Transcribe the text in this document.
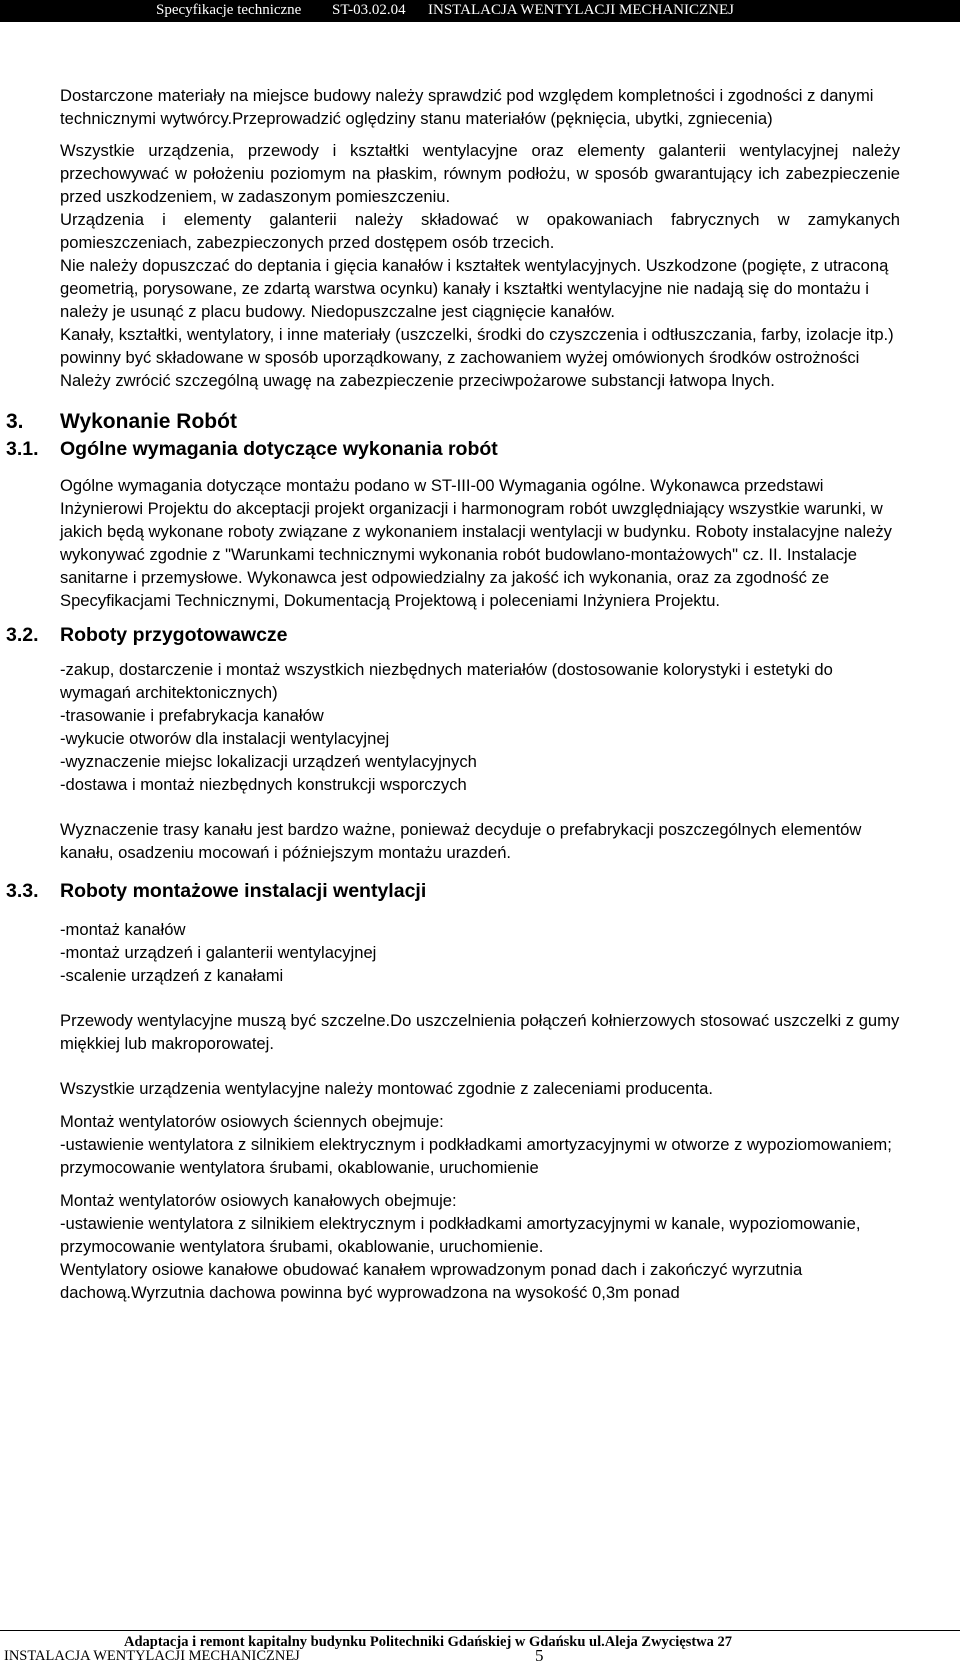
Specyfikacje techniczne ST-03.02.04 INSTALACJA WENTYLACJI MECHANICZNEJ

Dostarczone materiały na miejsce budowy należy sprawdzić pod względem kompletności i zgodności z danymi technicznymi wytwórcy.Przeprowadzić oględziny stanu materiałów (pęknięcia, ubytki, zgniecenia)

Wszystkie urządzenia, przewody i kształtki wentylacyjne oraz elementy galanterii wentylacyjnej należy przechowywać w położeniu poziomym na płaskim, równym podłożu, w sposób gwarantujący ich zabezpieczenie przed uszkodzeniem, w zadaszonym pomieszczeniu.

Urządzenia i elementy galanterii należy składować w opakowaniach fabrycznych w zamykanych pomieszczeniach, zabezpieczonych przed dostępem osób trzecich.

Nie należy dopuszczać do deptania i gięcia kanałów i kształtek wentylacyjnych. Uszkodzone (pogięte, z utraconą geometrią, porysowane, ze zdartą warstwa ocynku) kanały i kształtki wentylacyjne nie nadają się do montażu i należy je usunąć z placu budowy. Niedopuszczalne jest ciągnięcie kanałów.

Kanały, kształtki, wentylatory, i inne materiały (uszczelki, środki do czyszczenia i odtłuszczania, farby, izolacje itp.) powinny być składowane w sposób uporządkowany, z zachowaniem wyżej omówionych środków ostrożności

Należy zwrócić szczególną uwagę na zabezpieczenie przeciwpożarowe substancji łatwopa lnych.

3. Wykonanie Robót
3.1. Ogólne wymagania dotyczące wykonania robót

Ogólne wymagania dotyczące montażu podano w ST-III-00 Wymagania ogólne. Wykonawca przedstawi Inżynierowi Projektu do akceptacji projekt organizacji i harmonogram robót uwzględniający wszystkie warunki, w jakich będą wykonane roboty związane z wykonaniem instalacji wentylacji w budynku. Roboty instalacyjne należy wykonywać zgodnie z "Warunkami technicznymi wykonania robót budowlano-montażowych" cz. II. Instalacje sanitarne i przemysłowe. Wykonawca jest odpowiedzialny za jakość ich wykonania, oraz za zgodność ze Specyfikacjami Technicznymi, Dokumentacją Projektową i poleceniami Inżyniera Projektu.

3.2. Roboty przygotowawcze

-zakup, dostarczenie i montaż wszystkich niezbędnych materiałów (dostosowanie kolorystyki i estetyki do wymagań architektonicznych)

-trasowanie i prefabrykacja kanałów

-wykucie otworów dla instalacji wentylacyjnej

-wyznaczenie miejsc lokalizacji urządzeń wentylacyjnych

-dostawa i montaż niezbędnych konstrukcji wsporczych

Wyznaczenie trasy kanału jest bardzo ważne, ponieważ decyduje o prefabrykacji poszczególnych elementów kanału, osadzeniu mocowań i późniejszym montażu urazdeń.

3.3. Roboty montażowe instalacji wentylacji

-montaż kanałów

-montaż urządzeń i galanterii wentylacyjnej

-scalenie urządzeń z kanałami

Przewody wentylacyjne muszą być szczelne.Do uszczelnienia połączeń kołnierzowych stosować uszczelki z gumy miękkiej lub makroporowatej.

Wszystkie urządzenia wentylacyjne należy montować zgodnie z zaleceniami producenta.

Montaż wentylatorów osiowych ściennych obejmuje:

-ustawienie wentylatora z silnikiem elektrycznym i podkładkami amortyzacyjnymi w otworze z wypoziomowaniem; przymocowanie wentylatora śrubami, okablowanie, uruchomienie

Montaż wentylatorów osiowych kanałowych obejmuje:

-ustawienie wentylatora z silnikiem elektrycznym i podkładkami amortyzacyjnymi w kanale, wypoziomowanie, przymocowanie wentylatora śrubami, okablowanie, uruchomienie.

Wentylatory osiowe kanałowe obudować kanałem wprowadzonym ponad dach i zakończyć wyrzutnia dachową.Wyrzutnia dachowa powinna być wyprowadzona na wysokość 0,3m ponad

Adaptacja i remont kapitalny budynku Politechniki Gdańskiej w Gdańsku ul.Aleja Zwycięstwa 27
INSTALACJA WENTYLACJI MECHANICZNEJ	5
